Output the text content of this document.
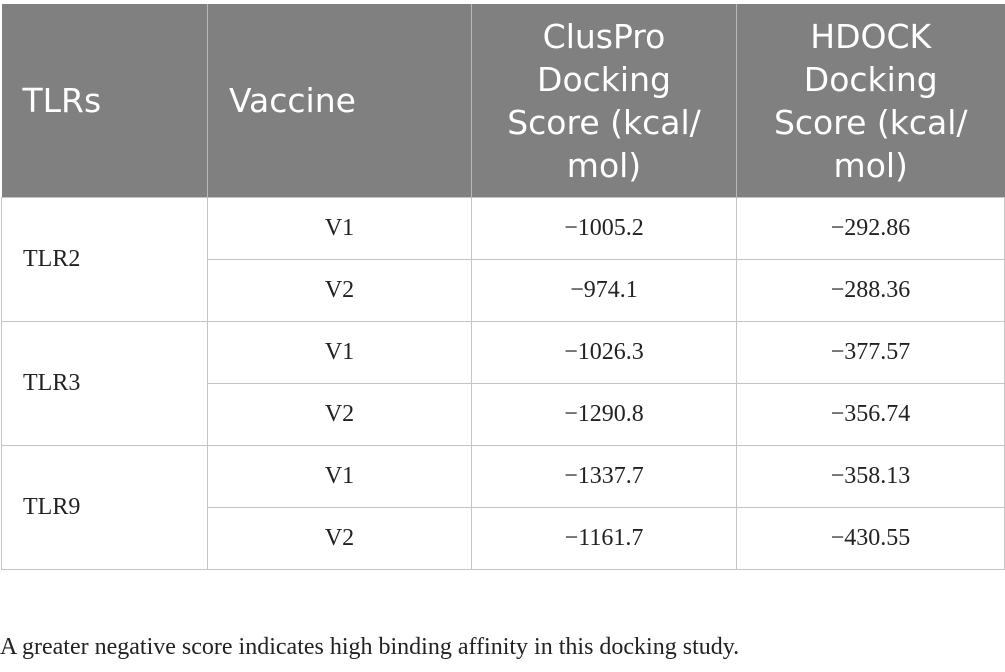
TLRs	Vaccine	ClusPro
Docking
Score (kcal/
mol)	HDOCK
Docking
Score (kcal/
mol)
TLR2	V1	−1005.2	−292.86
	V2	−974.1	−288.36
TLR3	V1	−1026.3	−377.57
	V2	−1290.8	−356.74
TLR9	V1	−1337.7	−358.13
	V2	−1161.7	−430.55
A greater negative score indicates high binding affinity in this docking study.
